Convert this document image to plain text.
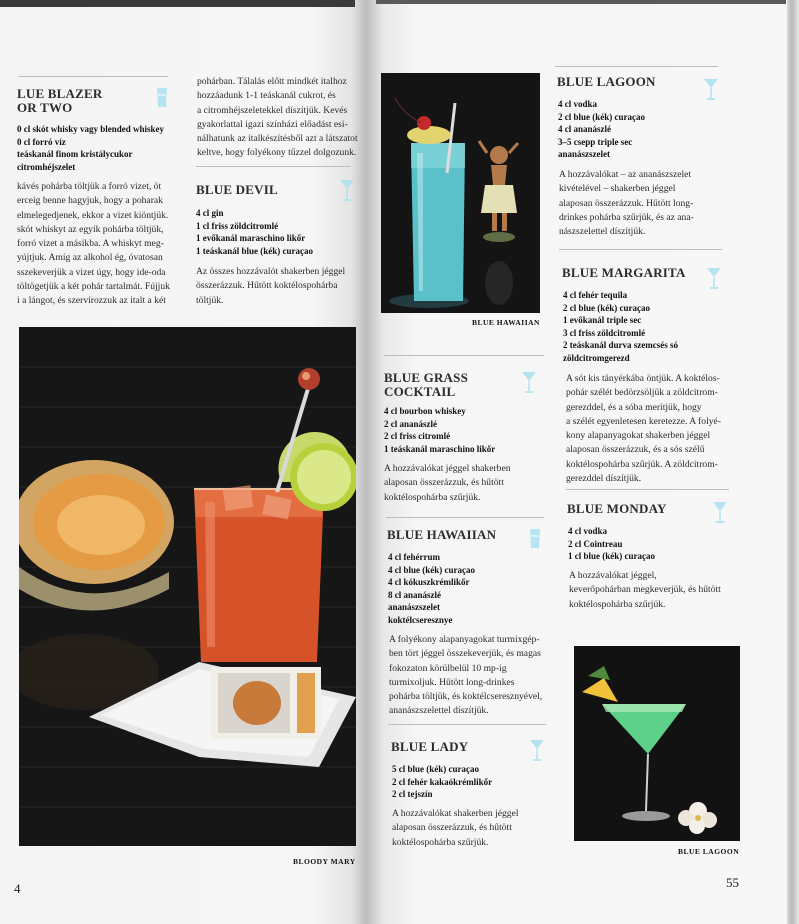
LUE BLAZER
OR TWO
0 cl skót whisky vagy blended whiskey
0 cl forró víz
teáskanál finom kristálycukor
citromhéjszelet
kávés pohárba töltjük a forró vizet, öt
erceig benne hagyjuk, hogy a poharak
elmelegedjenek, ekkor a vizet kiöntjük.
skót whiskyt az egyik pohárba töltjük,
forró vizet a másikba. A whiskyt meg-
yújtjuk. Amíg az alkohol ég, óvatosan
sszekeverjük a vizet úgy, hogy ide-oda
töltögetjük a két pohár tartalmát. Fújjuk
i a lángot, és szervírozzuk az italt a két
pohárban. Tálalás előtt mindkét italhoz
hozzáadunk 1-1 teáskanál cukrot, és
a citromhéjszeletekkel díszítjük. Kevés
gyakorlattal igazi színházi előadást esi-
nálhatunk az italkészítésből azt a látszatot
keltve, hogy folyékony tűzzel dolgozunk.
BLUE DEVIL
4 cl gin
1 cl friss zöldcitromlé
1 evőkanál maraschino likőr
1 teáskanál blue (kék) curaçao
Az összes hozzávalót shakerben jéggel
összerázzuk. Hűtött koktélospohárba
töltjük.
BLOODY MARY
4
BLUE HAWAIIAN
BLUE GRASS
COCKTAIL
4 cl bourbon whiskey
2 cl ananászlé
2 cl friss citromlé
1 teáskanál maraschino likőr
A hozzávalókat jéggel shakerben
alaposan összerázzuk, és hűtött
koktélospohárba szűrjük.
BLUE HAWAIIAN
4 cl fehérrum
4 cl blue (kék) curaçao
4 cl kókuszkrémlikőr
8 cl ananászlé
ananászszelet
koktélcseresznye
A folyékony alapanyagokat turmixgép-
ben tört jéggel összekeverjük, és magas
fokozaton körülbelül 10 mp-ig
turmixoljuk. Hűtött long-drinkes
pohárba töltjük, és koktélcseresznyével,
ananászszelettel díszítjük.
BLUE LADY
5 cl blue (kék) curaçao
2 cl fehér kakaókrémlikőr
2 cl tejszín
A hozzávalókat shakerben jéggel
alaposan összerázzuk, és hűtött
koktélospohárba szűrjük.
BLUE LAGOON
4 cl vodka
2 cl blue (kék) curaçao
4 cl ananászlé
3–5 csepp triple sec
ananászszelet
A hozzávalókat – az ananászszelet
kivételével – shakerben jéggel
alaposan összerázzuk. Hűtött long-
drinkes pohárba szűrjük, és az ana-
nászszelettel díszítjük.
BLUE MARGARITA
4 cl fehér tequila
2 cl blue (kék) curaçao
1 evőkanál triple sec
3 cl friss zöldcitromlé
2 teáskanál durva szemcsés só
zöldcitromgerezd
A sót kis tányérkába öntjük. A koktélos-
pohár szélét bedörzsöljük a zöldcitrom-
gerezddel, és a sóba merítjük, hogy
a szélét egyenletesen keretezze. A folyé-
kony alapanyagokat shakerben jéggel
alaposan összerázzuk, és a sós szélű
koktélospohárba szűrjük. A zöldcitrom-
gerezddel díszítjük.
BLUE MONDAY
4 cl vodka
2 cl Cointreau
1 cl blue (kék) curaçao
A hozzávalókat jéggel,
keverőpohárban megkeverjük, és hűtött
koktélospohárba szűrjük.
BLUE LAGOON
55
